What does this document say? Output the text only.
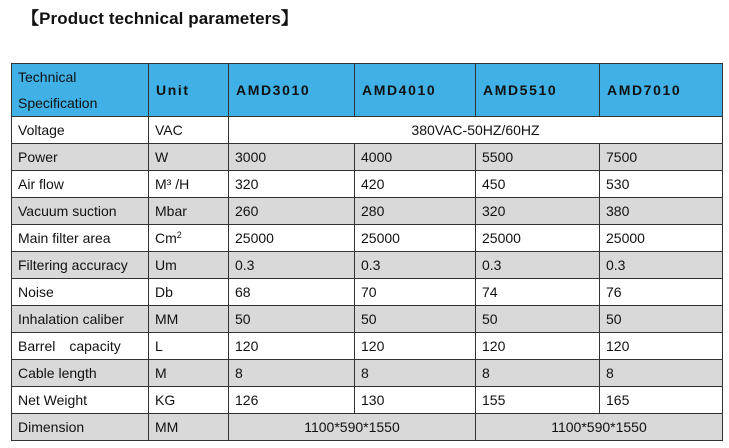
【Product technical parameters】
Technical Specification	Unit	AMD3010	AMD4010	AMD5510	AMD7010
Voltage	VAC	380VAC-50HZ/60HZ			
Power	W	3000	4000	5500	7500
Air flow	M³ /H	320	420	450	530
Vacuum suction	Mbar	260	280	320	380
Main filter area	Cm$^2$	25000	25000	25000	25000
Filtering accuracy	Um	0.3	0.3	0.3	0.3
Noise	Db	68	70	74	76
Inhalation caliber	MM	50	50	50	50
Barrel　capacity	L	120	120	120	120
Cable length	M	8	8	8	8
Net Weight	KG	126	130	155	165
Dimension	MM	1100*590*1550		1100*590*1550	
